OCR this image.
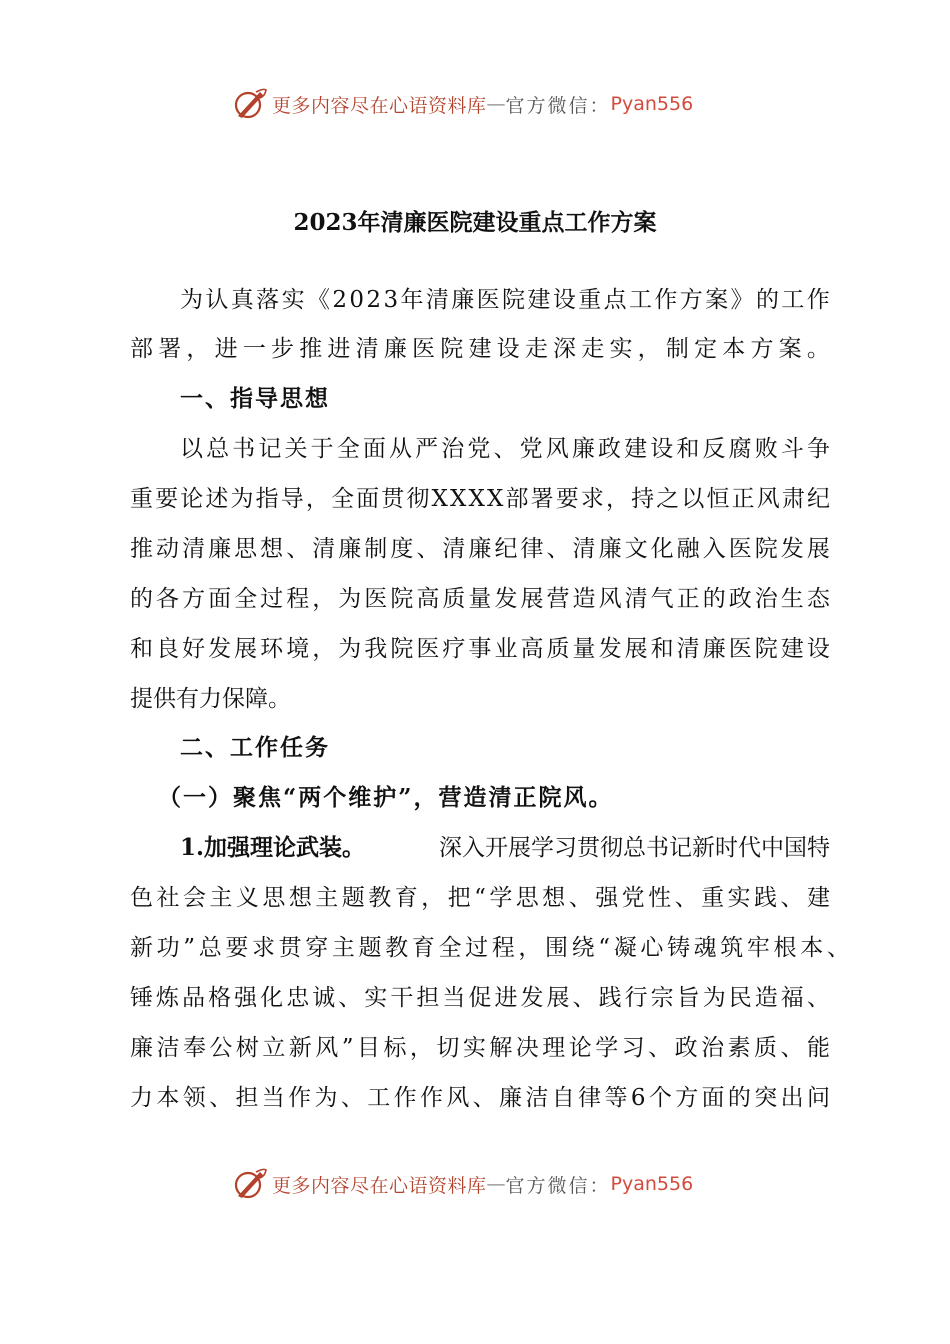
更多内容尽在心语资料库 — 官方微信： Pyan556
2023年清廉医院建设重点工作方案
为 认 真 落 实 《 2 0 2 3 年 清 廉 医 院 建 设 重 点 工 作 方 案 》 的 工 作
部 署 ， 进 一 步 推 进 清 廉 医 院 建 设 走 深 走 实 ， 制 定 本 方 案 。
一、指导思想
以 总 书 记 关 于 全 面 从 严 治 党 、 党 风 廉 政 建 设 和 反 腐 败 斗 争
重 要 论 述 为 指 导 ， 全 面 贯 彻 X X X X 部 署 要 求 ， 持 之 以 恒 正 风 肃 纪
推 动 清 廉 思 想 、 清 廉 制 度 、 清 廉 纪 律 、 清 廉 文 化 融 入 医 院 发 展
的 各 方 面 全 过 程 ， 为 医 院 高 质 量 发 展 营 造 风 清 气 正 的 政 治 生 态
和 良 好 发 展 环 境 ， 为 我 院 医 疗 事 业 高 质 量 发 展 和 清 廉 医 院 建 设
提供有力保障。
二、工作任务
（一）聚焦“两个维护”，营造清正院风。
1.加强理论武装。	深入开展学习贯彻总书记新时代中国特
色 社 会 主 义 思 想 主 题 教 育 ， 把 “ 学 思 想 、 强 党 性 、 重 实 践 、 建
新 功 ” 总 要 求 贯 穿 主 题 教 育 全 过 程 ， 围 绕 “ 凝 心 铸 魂 筑 牢 根 本 、
锤 炼 品 格 强 化 忠 诚 、 实 干 担 当 促 进 发 展 、 践 行 宗 旨 为 民 造 福 、
廉 洁 奉 公 树 立 新 风 ” 目 标 ， 切 实 解 决 理 论 学 习 、 政 治 素 质 、 能
力 本 领 、 担 当 作 为 、 工 作 作 风 、 廉 洁 自 律 等 6 个 方 面 的 突 出 问
更多内容尽在心语资料库 — 官方微信： Pyan556
